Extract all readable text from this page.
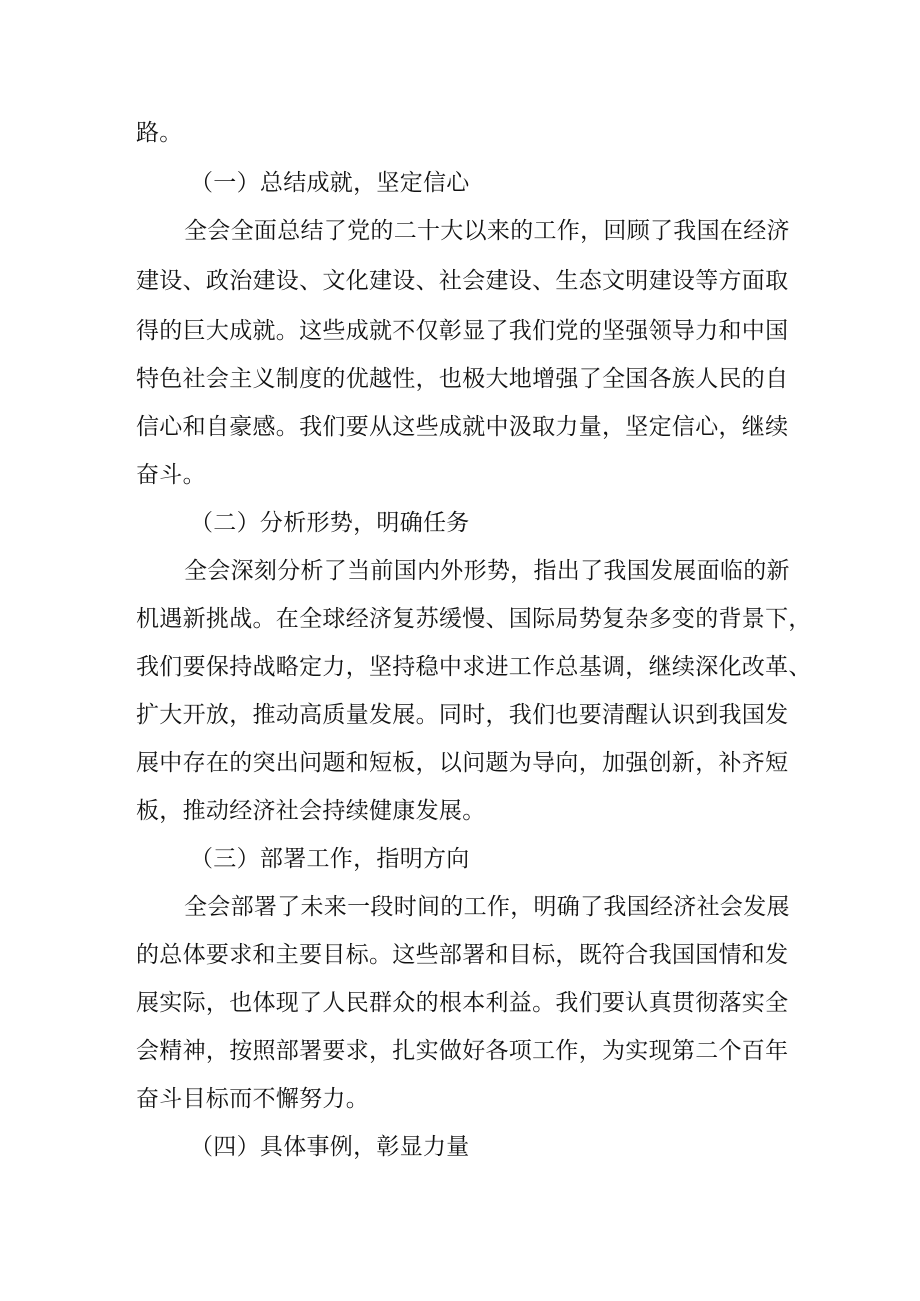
路。
（一）总结成就，坚定信心
全会全面总结了党的二十大以来的工作，回顾了我国在经济
建设、政治建设、文化建设、社会建设、生态文明建设等方面取
得的巨大成就。这些成就不仅彰显了我们党的坚强领导力和中国
特色社会主义制度的优越性，也极大地增强了全国各族人民的自
信心和自豪感。我们要从这些成就中汲取力量，坚定信心，继续
奋斗。
（二）分析形势，明确任务
全会深刻分析了当前国内外形势，指出了我国发展面临的新
机遇新挑战。在全球经济复苏缓慢、国际局势复杂多变的背景下，
我们要保持战略定力，坚持稳中求进工作总基调，继续深化改革、
扩大开放，推动高质量发展。同时，我们也要清醒认识到我国发
展中存在的突出问题和短板，以问题为导向，加强创新，补齐短
板，推动经济社会持续健康发展。
（三）部署工作，指明方向
全会部署了未来一段时间的工作，明确了我国经济社会发展
的总体要求和主要目标。这些部署和目标，既符合我国国情和发
展实际，也体现了人民群众的根本利益。我们要认真贯彻落实全
会精神，按照部署要求，扎实做好各项工作，为实现第二个百年
奋斗目标而不懈努力。
（四）具体事例，彰显力量
